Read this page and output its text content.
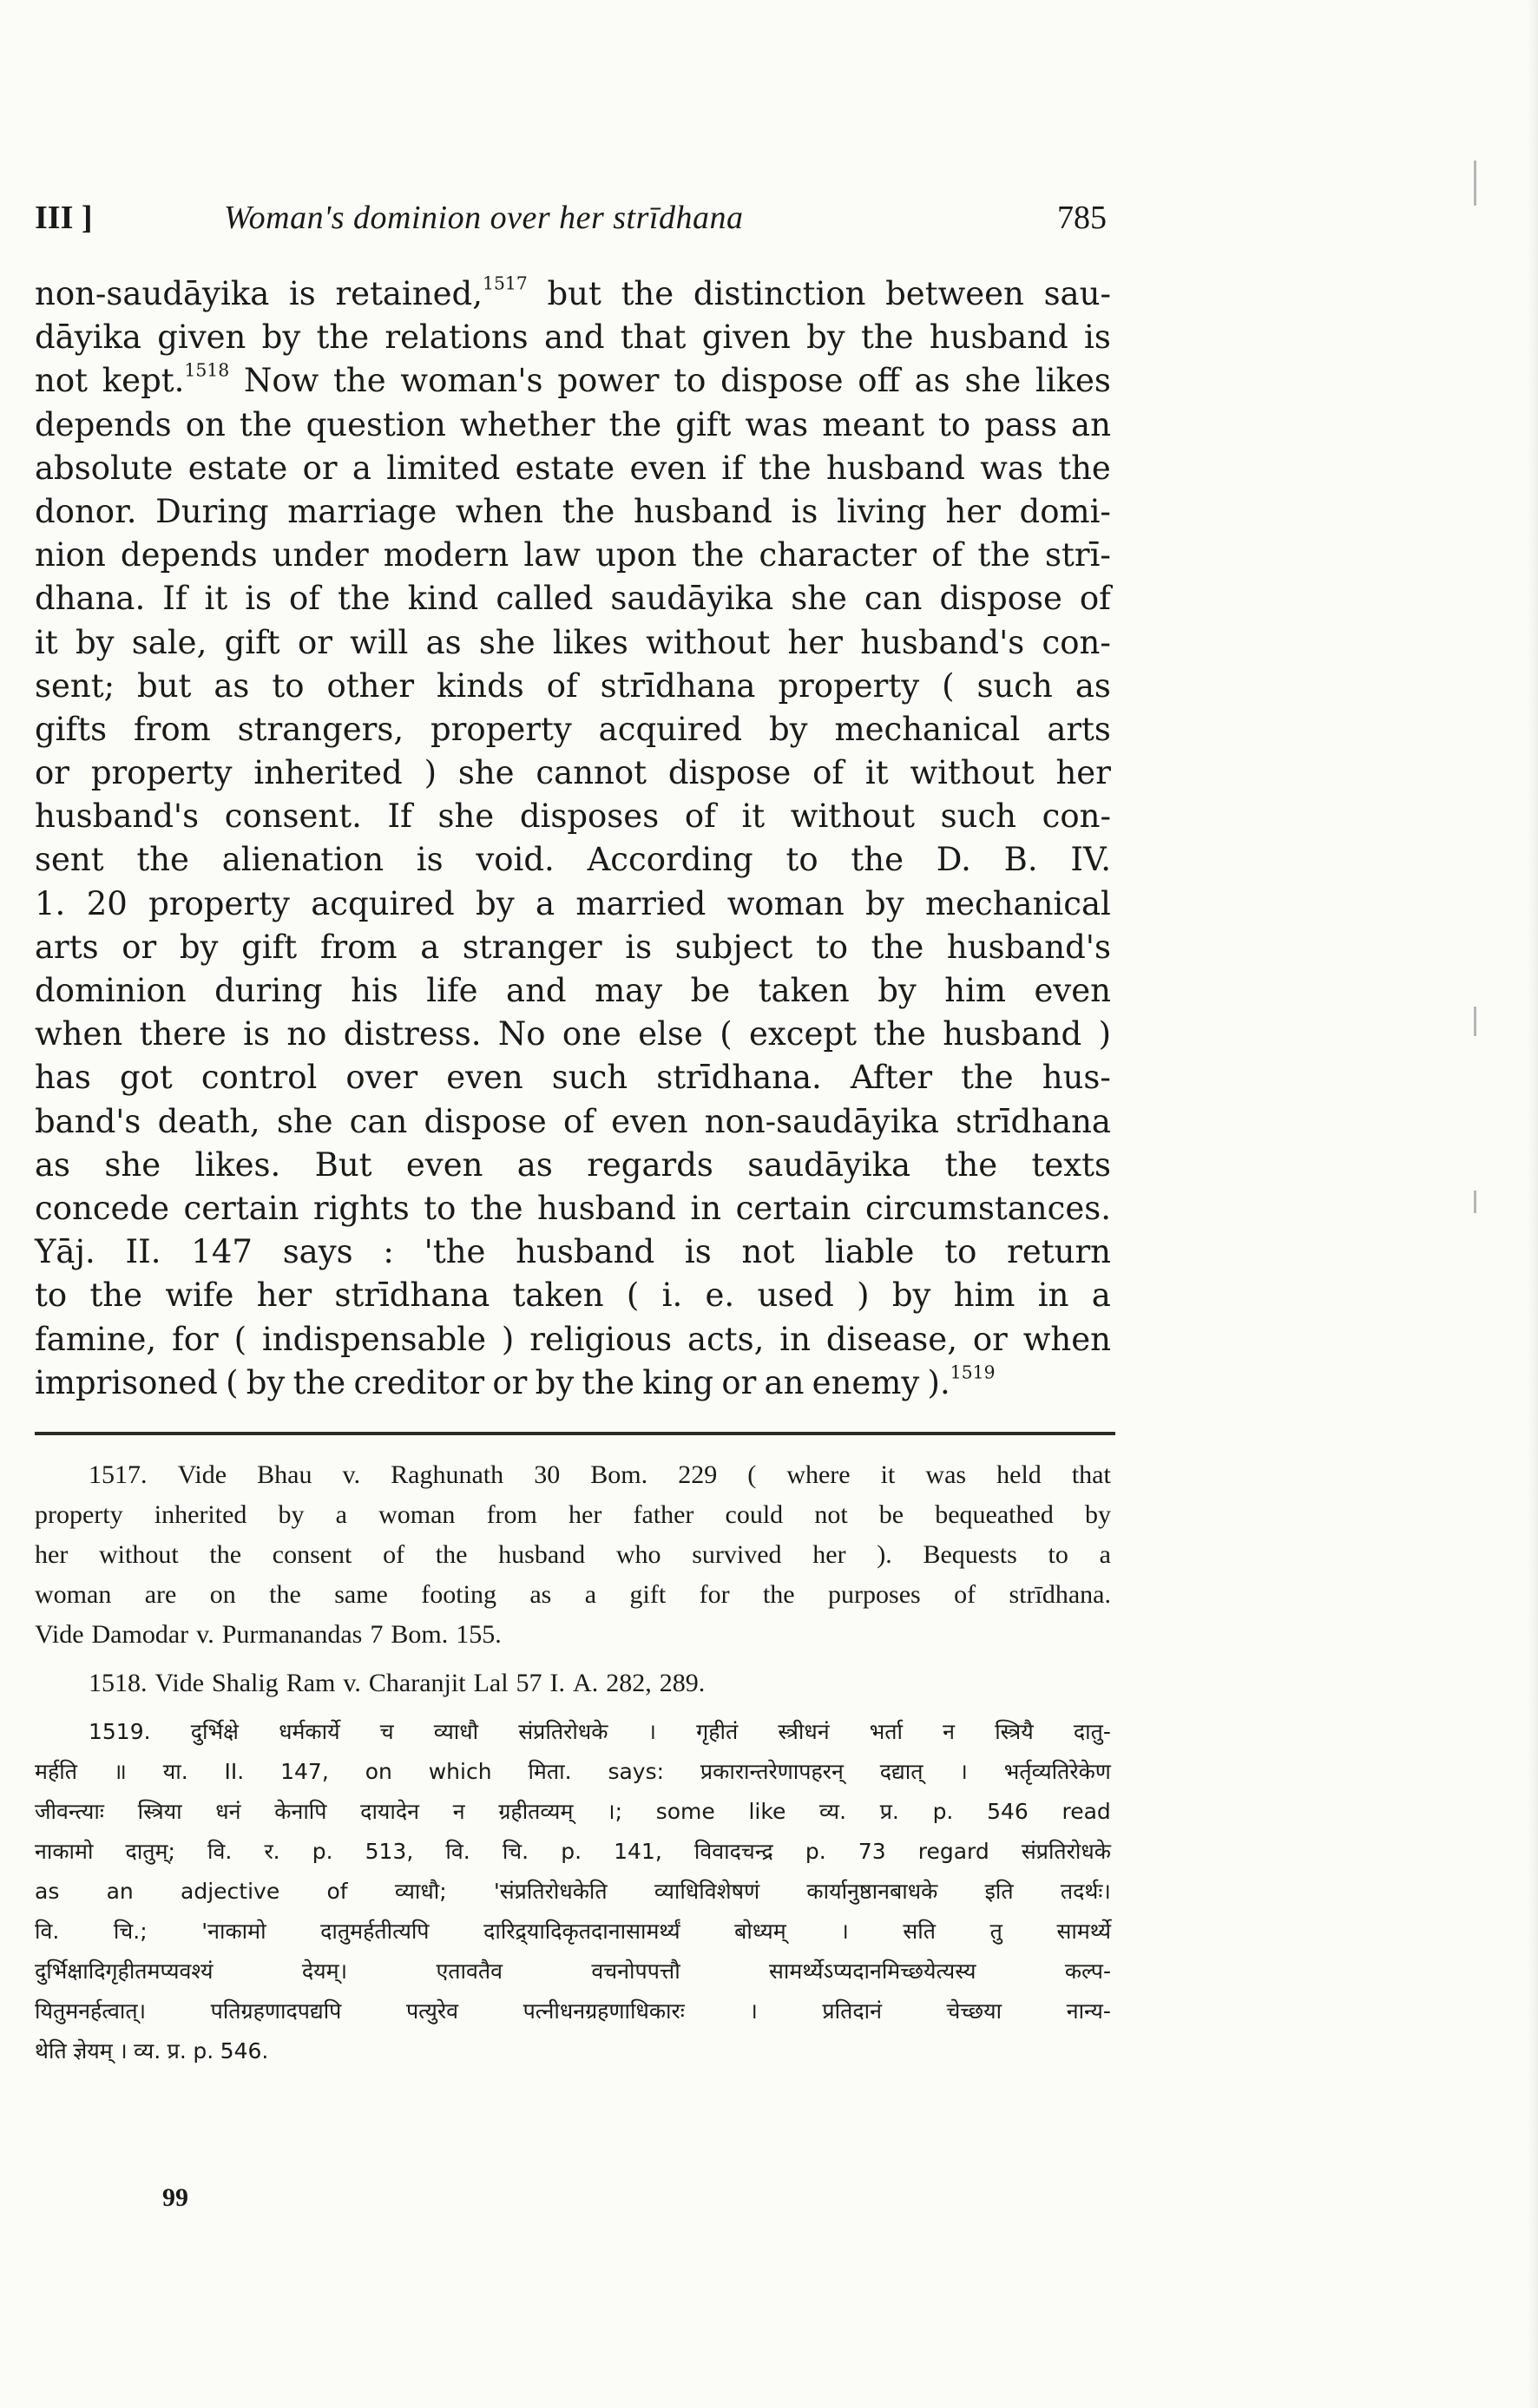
III ]	Woman's dominion over her strīdhana	785
non-saudāyika is retained,$^{1517}$ but the distinction between sau-
dāyika given by the relations and that given by the husband is
not kept.$^{1518}$ Now the woman's power to dispose off as she likes
depends on the question whether the gift was meant to pass an
absolute estate or a limited estate even if the husband was the
donor. During marriage when the husband is living her domi-
nion depends under modern law upon the character of the strī-
dhana. If it is of the kind called saudāyika she can dispose of
it by sale, gift or will as she likes without her husband's con-
sent; but as to other kinds of strīdhana property ( such as
gifts from strangers, property acquired by mechanical arts
or property inherited ) she cannot dispose of it without her
husband's consent. If she disposes of it without such con-
sent the alienation is void. According to the D. B. IV.
1. 20 property acquired by a married woman by mechanical
arts or by gift from a stranger is subject to the husband's
dominion during his life and may be taken by him even
when there is no distress. No one else ( except the husband )
has got control over even such strīdhana. After the hus-
band's death, she can dispose of even non-saudāyika strīdhana
as she likes. But even as regards saudāyika the texts
concede certain rights to the husband in certain circumstances.
Yāj. II. 147 says : 'the husband is not liable to return
to the wife her strīdhana taken ( i. e. used ) by him in a
famine, for ( indispensable ) religious acts, in disease, or when
imprisoned ( by the creditor or by the king or an enemy ).$^{1519}$
1517. Vide Bhau v. Raghunath 30 Bom. 229 ( where it was held that
property inherited by a woman from her father could not be bequeathed by
her without the consent of the husband who survived her ). Bequests to a
woman are on the same footing as a gift for the purposes of strīdhana.
Vide Damodar v. Purmanandas 7 Bom. 155.
1518. Vide Shalig Ram v. Charanjit Lal 57 I. A. 282, 289.
1519. दुर्भिक्षे धर्मकार्ये च व्याधौ संप्रतिरोधके । गृहीतं स्त्रीधनं भर्ता न स्त्रियै दातु-
मर्हति ॥ या. II. 147, on which मिता. says: प्रकारान्तरेणापहरन् दद्यात् । भर्तृव्यतिरेकेण
जीवन्त्याः स्त्रिया धनं केनापि दायादेन न ग्रहीतव्यम् ।; some like व्य. प्र. p. 546 read
नाकामो दातुम्; वि. र. p. 513, वि. चि. p. 141, विवादचन्द्र p. 73 regard संप्रतिरोधके
as an adjective of व्याधौ; 'संप्रतिरोधकेति व्याधिविशेषणं कार्यानुष्ठानबाधके इति तदर्थः।
वि.	चि.;	'नाकामो	दातुमर्हतीत्यपि	दारिद्र्यादिकृतदानासामर्थ्यं	बोध्यम्	।	सति	तु	सामर्थ्ये
दुर्भिक्षादिगृहीतमप्यवश्यं	देयम्।	एतावतैव	वचनोपपत्तौ	सामर्थ्येऽप्यदानमिच्छयेत्यस्य	कल्प-
यितुमनर्हत्वात्।	पतिग्रहणादपद्यपि	पत्युरेव	पत्नीधनग्रहणाधिकारः	।	प्रतिदानं	चेच्छया	नान्य-
थेति ज्ञेयम् । व्य. प्र. p. 546.
99
